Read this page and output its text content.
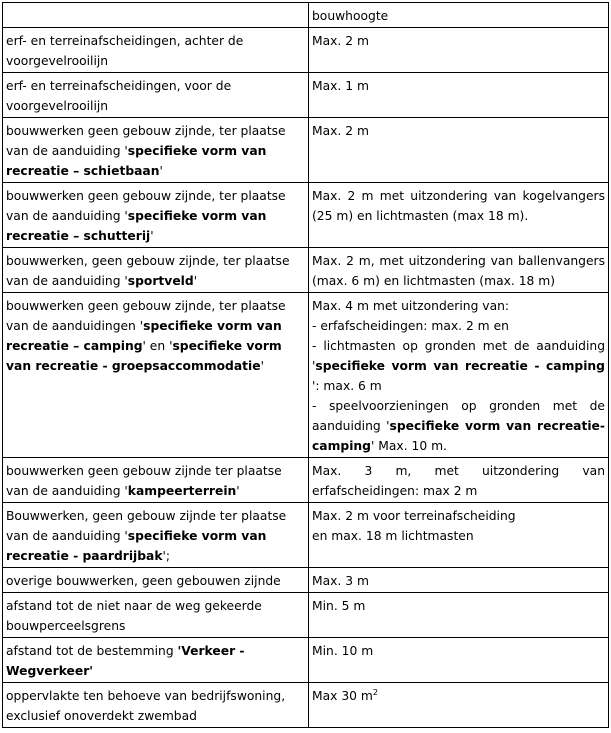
	bouwhoogte
erf- en terreinafscheidingen, achter de voorgevelrooilijn	Max. 2 m
erf- en terreinafscheidingen, voor de voorgevelrooilijn	Max. 1 m
bouwwerken geen gebouw zijnde, ter plaatse van de aanduiding 'specifieke vorm van recreatie – schietbaan'	Max. 2 m
bouwwerken geen gebouw zijnde, ter plaatse van de aanduiding 'specifieke vorm van recreatie – schutterij'	Max. 2 m met uitzondering van kogelvangers (25 m) en lichtmasten (max 18 m).
bouwwerken, geen gebouw zijnde, ter plaatse van de aanduiding 'sportveld'	Max. 2 m, met uitzondering van ballenvangers (max. 6 m) en lichtmasten (max. 18 m)
bouwwerken geen gebouw zijnde, ter plaatse van de aanduidingen 'specifieke vorm van recreatie – camping' en 'specifieke vorm van recreatie - groepsaccommodatie'	Max. 4 m met uitzondering van:
- erfafscheidingen: max. 2 m en
- lichtmasten op gronden met de aanduiding 'specifieke vorm van recreatie - camping ': max. 6 m
- speelvoorzieningen op gronden met de aanduiding 'specifieke vorm van recreatie-camping' Max. 10 m.

bouwwerken geen gebouw zijnde ter plaatse van de aanduiding 'kampeerterrein'	Max. 3 m, met uitzondering van erfafscheidingen: max 2 m
Bouwwerken, geen gebouw zijnde ter plaatse van de aanduiding 'specifieke vorm van recreatie - paardrijbak';	Max. 2 m voor terreinafscheiding
en max. 18 m lichtmasten

overige bouwwerken, geen gebouwen zijnde	Max. 3 m
afstand tot de niet naar de weg gekeerde bouwperceelsgrens	Min. 5 m
afstand tot de bestemming 'Verkeer - Wegverkeer'	Min. 10 m
oppervlakte ten behoeve van bedrijfswoning, exclusief onoverdekt zwembad	Max 30 $m^2$
